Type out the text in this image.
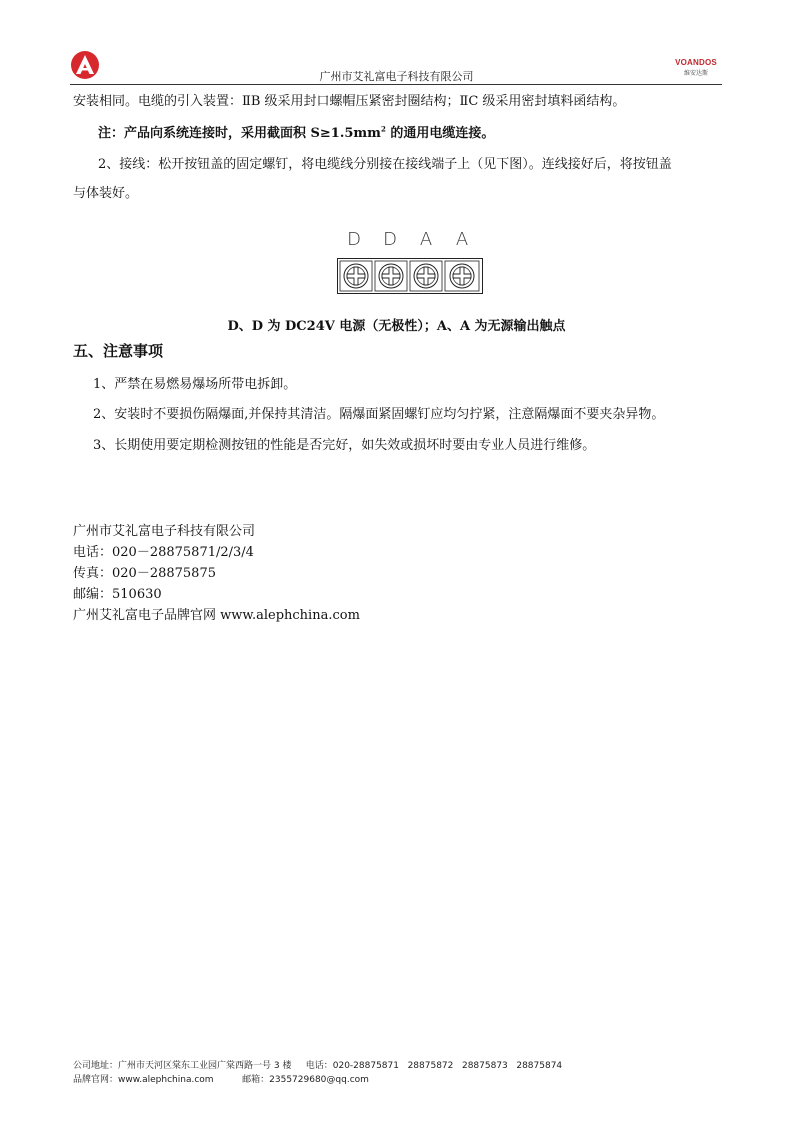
广州市艾礼富电子科技有限公司
VOANDOS
维安达斯
安装相同。电缆的引入装置：ⅡB 级采用封口螺帽压紧密封圈结构；ⅡC 级采用密封填料函结构。
注：产品向系统连接时，采用截面积 $S\ge 1.5mm^2$ 的通用电缆连接。
2、接线：松开按钮盖的固定螺钉，将电缆线分别接在接线端子上（见下图）。连线接好后，将按钮盖
与体装好。
D	D	A	A
D、D 为 DC24V 电源（无极性）；A、A 为无源输出触点
五、注意事项
1、严禁在易燃易爆场所带电拆卸。
2、安装时不要损伤隔爆面,并保持其清洁。隔爆面紧固螺钉应均匀拧紧，注意隔爆面不要夹杂异物。
3、长期使用要定期检测按钮的性能是否完好，如失效或损坏时要由专业人员进行维修。
广州市艾礼富电子科技有限公司
电话：020－28875871/2/3/4
传真：020－28875875
邮编：510630
广州艾礼富电子品牌官网 www.alephchina.com
公司地址：广州市天河区棠东工业园广棠西路一号 3 楼     电话：020-28875871   28875872   28875873   28875874
品牌官网：www.alephchina.com          邮箱：2355729680@qq.com
